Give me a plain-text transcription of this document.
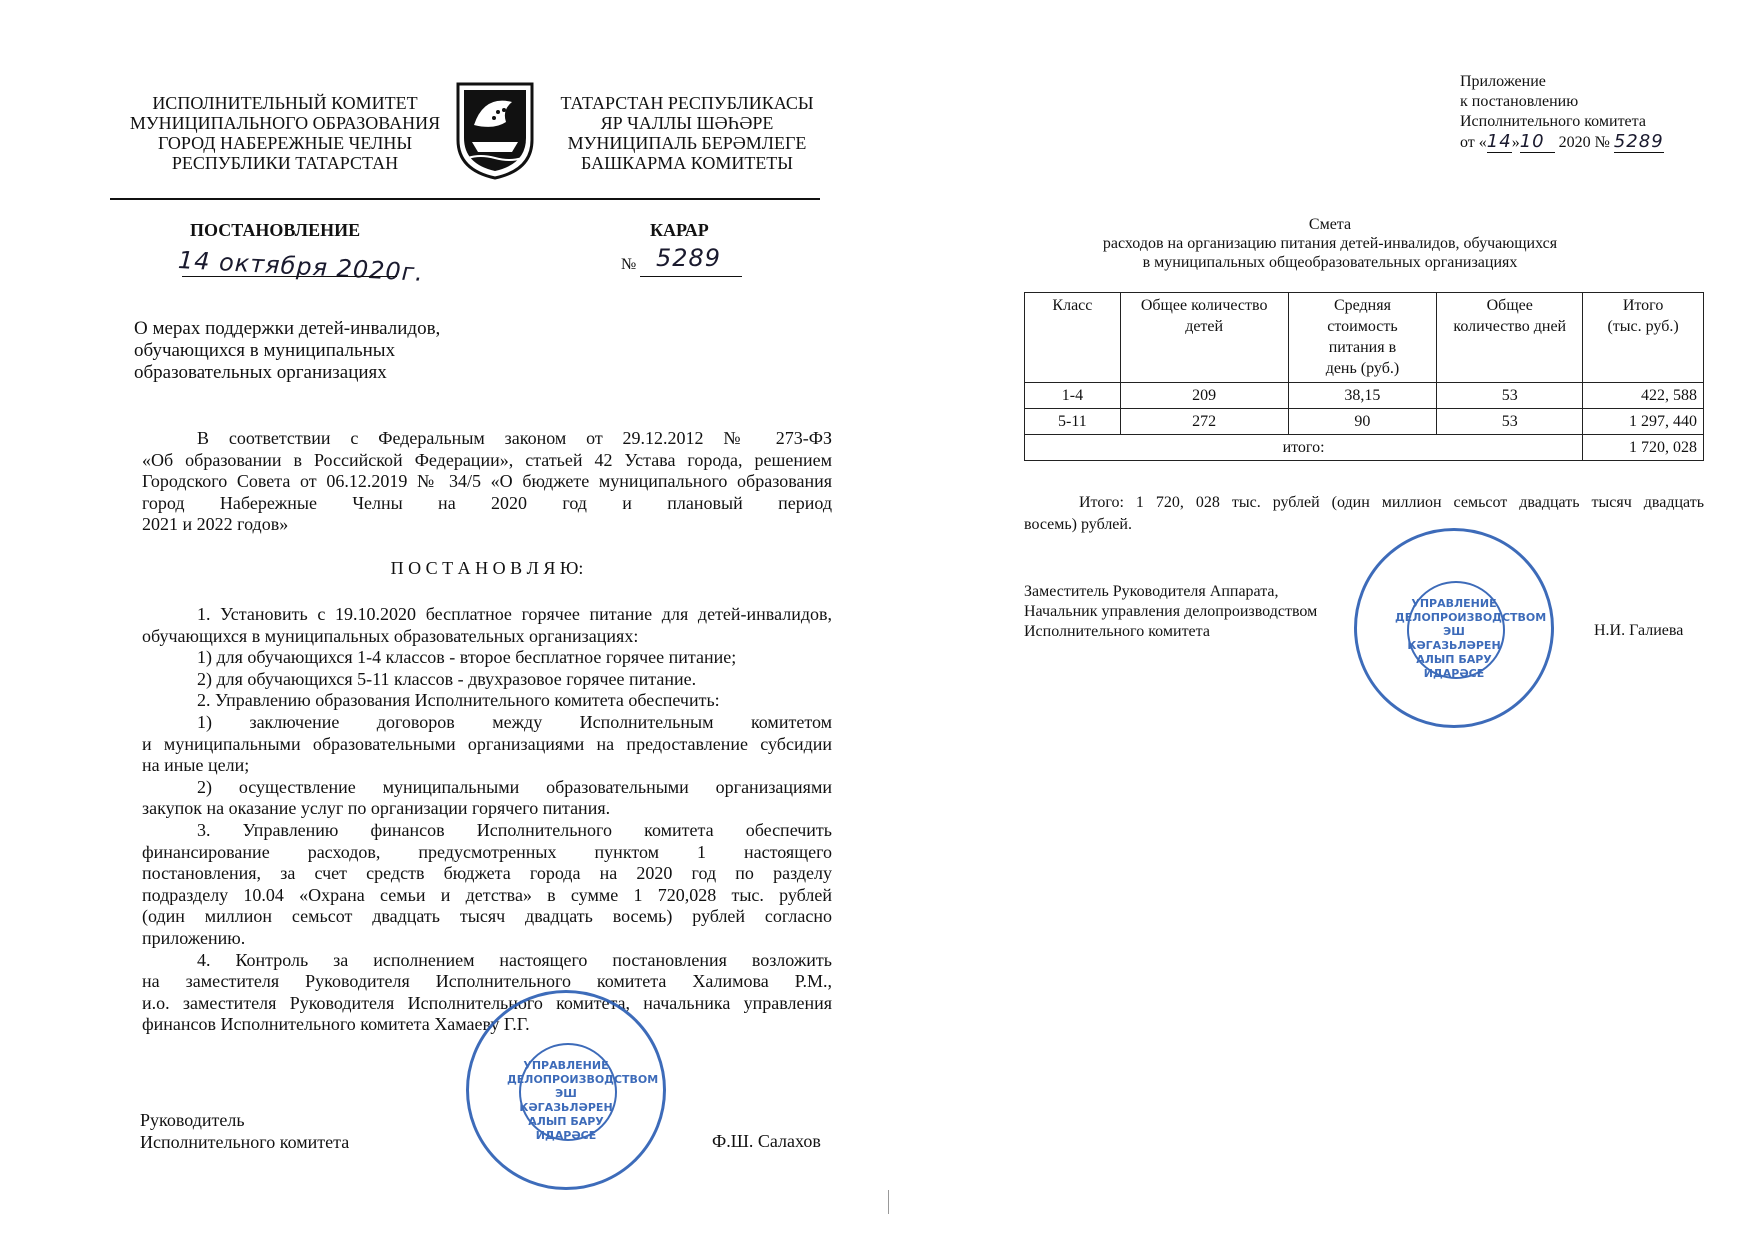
ИСПОЛНИТЕЛЬНЫЙ КОМИТЕТ
МУНИЦИПАЛЬНОГО ОБРАЗОВАНИЯ
ГОРОД НАБЕРЕЖНЫЕ ЧЕЛНЫ
РЕСПУБЛИКИ ТАТАРСТАН
ТАТАРСТАН РЕСПУБЛИКАСЫ
ЯР ЧАЛЛЫ ШӘҺӘРЕ
МУНИЦИПАЛЬ БЕРӘМЛЕГЕ
БАШКАРМА КОМИТЕТЫ
ПОСТАНОВЛЕНИЕ	КАРАР
14 октября 2020г.	№ 5289
О мерах поддержки детей-инвалидов,
обучающихся в муниципальных
образовательных организациях
В соответствии с Федеральным законом от 29.12.2012 № 273-ФЗ
«Об образовании в Российской Федерации», статьей 42 Устава города, решением
Городского Совета от 06.12.2019 № 34/5 «О бюджете муниципального образования
город Набережные Челны на 2020 год и плановый период
2021 и 2022 годов»
П О С Т А Н О В Л Я Ю:
1. Установить с 19.10.2020 бесплатное горячее питание для детей-инвалидов,
обучающихся в муниципальных образовательных организациях:
1) для обучающихся 1-4 классов - второе бесплатное горячее питание;
2) для обучающихся 5-11 классов - двухразовое горячее питание.
2. Управлению образования Исполнительного комитета обеспечить:
1) заключение договоров между Исполнительным комитетом
и муниципальными образовательными организациями на предоставление субсидии
на иные цели;
2) осуществление муниципальными образовательными организациями
закупок на оказание услуг по организации горячего питания.
3. Управлению финансов Исполнительного комитета обеспечить
финансирование расходов, предусмотренных пунктом 1 настоящего
постановления, за счет средств бюджета города на 2020 год по разделу
подразделу 10.04 «Охрана семьи и детства» в сумме 1 720,028 тыс. рублей
(один миллион семьсот двадцать тысяч двадцать восемь) рублей согласно
приложению.
4. Контроль за исполнением настоящего постановления возложить
на заместителя Руководителя Исполнительного комитета Халимова Р.М.,
и.о. заместителя Руководителя Исполнительного комитета, начальника управления
финансов Исполнительного комитета Хамаеву Г.Г.
Руководитель
Исполнительного комитета	Ф.Ш. Салахов
УПРАВЛЕНИЕ
ДЕЛОПРОИЗВОДСТВОМ
ЭШ КӘГАЗЬЛӘРЕН
АЛЫП БАРУ
ИДАРӘСЕ
Приложение
к постановлению
Исполнительного комитета
от «14»10 2020 № 5289
Смета
расходов на организацию питания детей-инвалидов, обучающихся
в муниципальных общеобразовательных организациях
Класс	Общее количество детей	Средняя стоимость питания в день (руб.)	Общее количество дней	Итого (тыс. руб.)
1-4	209	38,15	53	422, 588
5-11	272	90	53	1 297, 440
итого:				1 720, 028
Итого: 1 720, 028 тыс. рублей (один миллион семьсот двадцать тысяч двадцать
восемь) рублей.
Заместитель Руководителя Аппарата,
Начальник управления делопроизводством
Исполнительного комитета	Н.И. Галиева
УПРАВЛЕНИЕ
ДЕЛОПРОИЗВОДСТВОМ
ЭШ КӘГАЗЬЛӘРЕН
АЛЫП БАРУ
ИДАРӘСЕ
